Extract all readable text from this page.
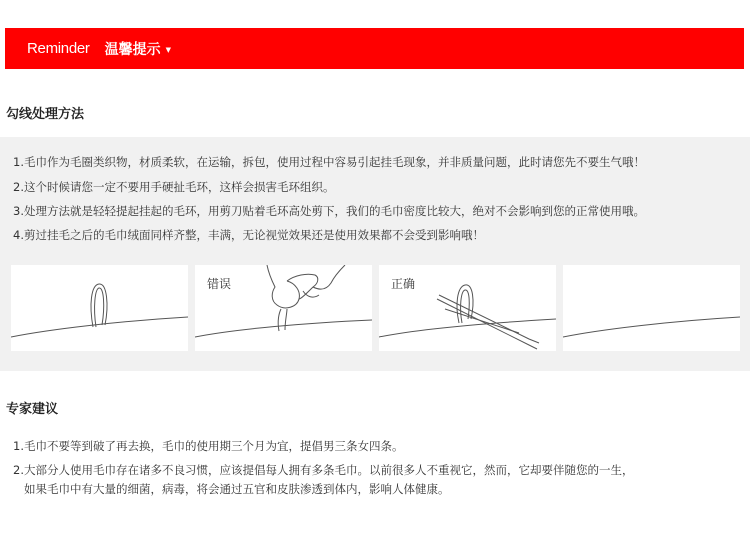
Reminder 温馨提示 ▼
勾线处理方法
1.毛巾作为毛圈类织物，材质柔软，在运输，拆包，使用过程中容易引起挂毛现象，并非质量问题，此时请您先不要生气哦！
2.这个时候请您一定不要用手硬扯毛环，这样会损害毛环组织。
3.处理方法就是轻轻提起挂起的毛环，用剪刀贴着毛环高处剪下，我们的毛巾密度比较大，绝对不会影响到您的正常使用哦。
4.剪过挂毛之后的毛巾绒面同样齐整，丰满，无论视觉效果还是使用效果都不会受到影响哦！
错误	正确
专家建议
1.毛巾不要等到破了再去换，毛巾的使用期三个月为宜，提倡男三条女四条。
2.大部分人使用毛巾存在诸多不良习惯，应该提倡每人拥有多条毛巾。以前很多人不重视它，然而，它却要伴随您的一生，
如果毛巾中有大量的细菌，病毒，将会通过五官和皮肤渗透到体内，影响人体健康。
